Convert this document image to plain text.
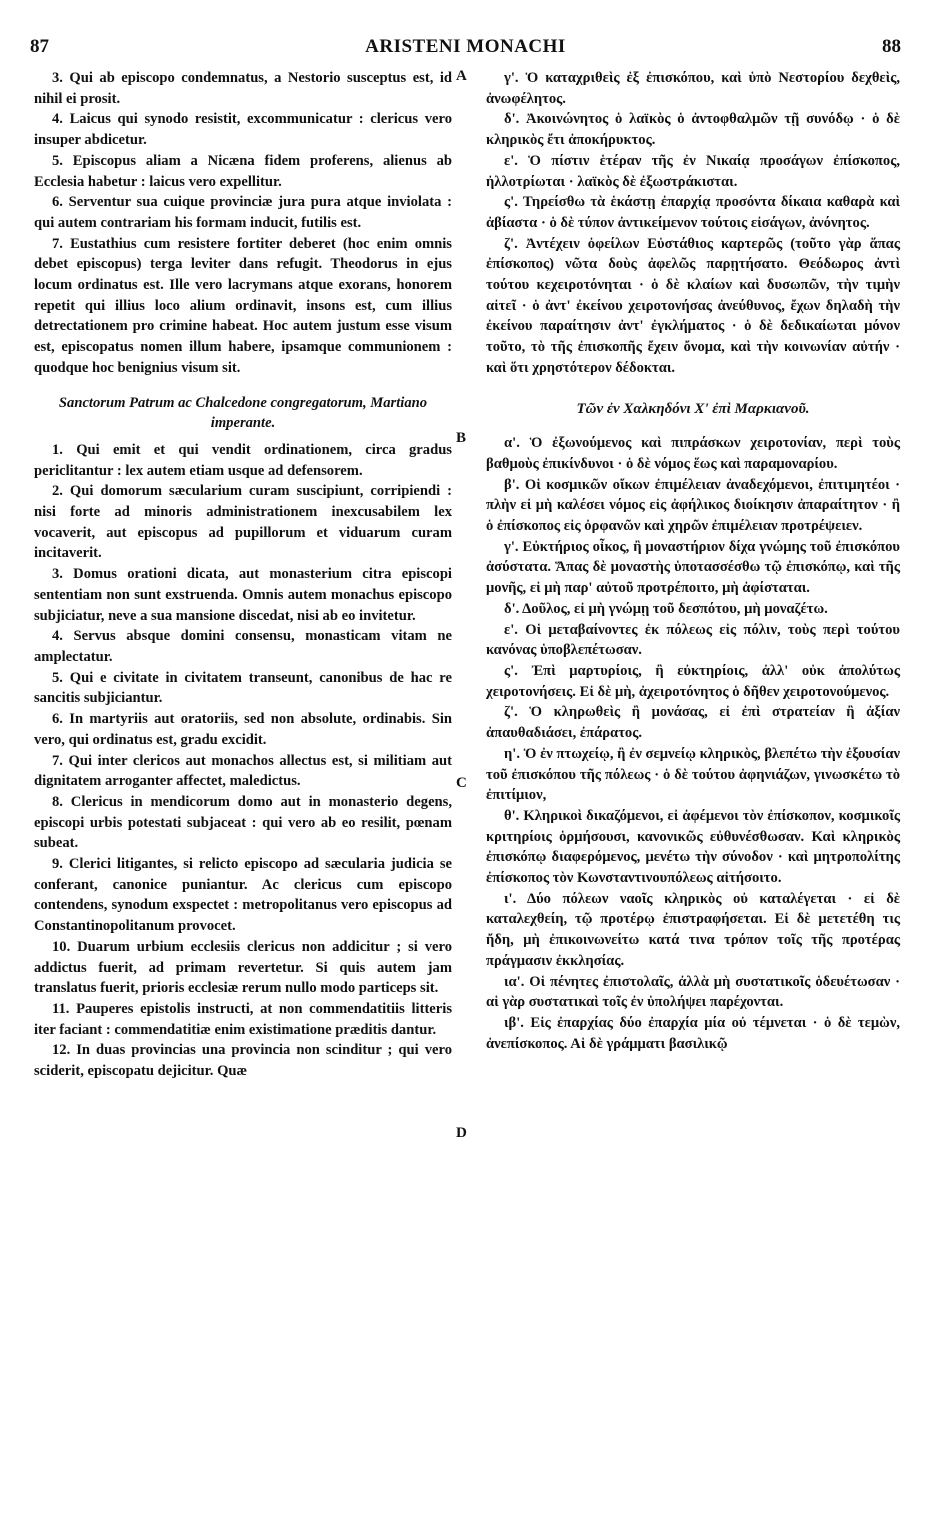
87	ARISTENI MONACHI	88
A
B
C
D

3. Qui ab episcopo condemnatus, a Nestorio susceptus est, id nihil ei prosit.

4. Laicus qui synodo resistit, excommunicatur : clericus vero insuper abdicetur.

5. Episcopus aliam a Nicæna fidem proferens, alienus ab Ecclesia habetur : laicus vero expellitur.

6. Serventur sua cuique provinciæ jura pura atque inviolata : qui autem contrariam his formam inducit, futilis est.

7. Eustathius cum resistere fortiter deberet (hoc enim omnis debet episcopus) terga leviter dans refugit. Theodorus in ejus locum ordinatus est. Ille vero lacrymans atque exorans, honorem repetit qui illius loco alium ordinavit, insons est, cum illius detrectationem pro crimine habeat. Hoc autem justum esse visum est, episcopatus nomen illum habere, ipsamque communionem : quodque hoc benignius visum sit.

Sanctorum Patrum ac Chalcedone congregatorum, Martiano imperante.

1. Qui emit et qui vendit ordinationem, circa gradus periclitantur : lex autem etiam usque ad defensorem.

2. Qui domorum sæcularium curam suscipiunt, corripiendi : nisi forte ad minoris administrationem inexcusabilem lex vocaverit, aut episcopus ad pupillorum et viduarum curam incitaverit.

3. Domus orationi dicata, aut monasterium citra episcopi sententiam non sunt exstruenda. Omnis autem monachus episcopo subjiciatur, neve a sua mansione discedat, nisi ab eo invitetur.

4. Servus absque domini consensu, monasticam vitam ne amplectatur.

5. Qui e civitate in civitatem transeunt, canonibus de hac re sancitis subjiciantur.

6. In martyriis aut oratoriis, sed non absolute, ordinabis. Sin vero, qui ordinatus est, gradu excidit.

7. Qui inter clericos aut monachos allectus est, si militiam aut dignitatem arroganter affectet, maledictus.

8. Clericus in mendicorum domo aut in monasterio degens, episcopi urbis potestati subjaceat : qui vero ab eo resilit, pœnam subeat.

9. Clerici litigantes, si relicto episcopo ad sæcularia judicia se conferant, canonice puniantur. Ac clericus cum episcopo contendens, synodum exspectet : metropolitanus vero episcopus ad Constantinopolitanum provocet.

10. Duarum urbium ecclesiis clericus non addicitur ; si vero addictus fuerit, ad primam revertetur. Si quis autem jam translatus fuerit, prioris ecclesiæ rerum nullo modo particeps sit.

11. Pauperes epistolis instructi, at non commendatitiis litteris iter faciant : commendatitiæ enim existimatione præditis dantur.

12. In duas provincias una provincia non scinditur ; qui vero sciderit, episcopatu dejicitur. Quæ

γ'. Ὁ καταχριθεὶς ἐξ ἐπισκόπου, καὶ ὑπὸ Νεστορίου δεχθεὶς, ἀνωφέλητος.

δ'. Ἀκοινώνητος ὁ λαϊκὸς ὁ ἀντοφθαλμῶν τῇ συνόδῳ · ὁ δὲ κληρικὸς ἔτι ἀποκήρυκτος.

ε'. Ὁ πίστιν ἑτέραν τῆς ἐν Νικαίᾳ προσάγων ἐπίσκοπος, ἠλλοτρίωται · λαϊκὸς δὲ ἐξωστράκισται.

ς'. Τηρείσθω τὰ ἑκάστῃ ἐπαρχίᾳ προσόντα δίκαια καθαρὰ καὶ ἀβίαστα · ὁ δὲ τύπον ἀντικείμενον τούτοις εἰσάγων, ἀνόνητος.

ζ'. Ἀντέχειν ὀφείλων Εὐστάθιος καρτερῶς (τοῦτο γὰρ ἅπας ἐπίσκοπος) νῶτα δοὺς ἀφελῶς παρῃτήσατο. Θεόδωρος ἀντὶ τούτου κεχειροτόνηται · ὁ δὲ κλαίων καὶ δυσωπῶν, τὴν τιμὴν αἰτεῖ · ὁ ἀντ' ἐκείνου χειροτονήσας ἀνεύθυνος, ἔχων δηλαδὴ τὴν ἐκείνου παραίτησιν ἀντ' ἐγκλήματος · ὁ δὲ δεδικαίωται μόνον τοῦτο, τὸ τῆς ἐπισκοπῆς ἔχειν ὄνομα, καὶ τὴν κοινωνίαν αὐτήν · καὶ ὅτι χρηστότερον δέδοκται.

Τῶν ἐν Χαλκηδόνι Χ' ἐπὶ Μαρκιανοῦ.

α'. Ὁ ἐξωνούμενος καὶ πιπράσκων χειροτονίαν, περὶ τοὺς βαθμοὺς ἐπικίνδυνοι · ὁ δὲ νόμος ἕως καὶ παραμοναρίου.

β'. Οἱ κοσμικῶν οἴκων ἐπιμέλειαν ἀναδεχόμενοι, ἐπιτιμητέοι · πλὴν εἰ μὴ καλέσει νόμος εἰς ἀφήλικος διοίκησιν ἀπαραίτητον · ἢ ὁ ἐπίσκοπος εἰς ὀρφανῶν καὶ χηρῶν ἐπιμέλειαν προτρέψειεν.

γ'. Εὐκτήριος οἶκος, ἢ μοναστήριον δίχα γνώμης τοῦ ἐπισκόπου ἀσύστατα. Ἅπας δὲ μοναστὴς ὑποτασσέσθω τῷ ἐπισκόπῳ, καὶ τῆς μονῆς, εἰ μὴ παρ' αὐτοῦ προτρέποιτο, μὴ ἀφίσταται.

δ'. Δοῦλος, εἰ μὴ γνώμῃ τοῦ δεσπότου, μὴ μοναζέτω.

ε'. Οἱ μεταβαίνοντες ἐκ πόλεως εἰς πόλιν, τοὺς περὶ τούτου κανόνας ὑποβλεπέτωσαν.

ς'. Ἐπὶ μαρτυρίοις, ἢ εὐκτηρίοις, ἀλλ' οὐκ ἀπολύτως χειροτονήσεις. Εἰ δὲ μὴ, ἀχειροτόνητος ὁ δῆθεν χειροτονούμενος.

ζ'. Ὁ κληρωθεὶς ἢ μονάσας, εἰ ἐπὶ στρατείαν ἢ ἀξίαν ἀπαυθαδιάσει, ἐπάρατος.

η'. Ὁ ἐν πτωχείῳ, ἢ ἐν σεμνείῳ κληρικὸς, βλεπέτω τὴν ἐξουσίαν τοῦ ἐπισκόπου τῆς πόλεως · ὁ δὲ τούτου ἀφηνιάζων, γινωσκέτω τὸ ἐπιτίμιον,

θ'. Κληρικοὶ δικαζόμενοι, εἰ ἀφέμενοι τὸν ἐπίσκοπον, κοσμικοῖς κριτηρίοις ὁρμήσουσι, κανονικῶς εὐθυνέσθωσαν. Καὶ κληρικὸς ἐπισκόπῳ διαφερόμενος, μενέτω τὴν σύνοδον · καὶ μητροπολίτης ἐπίσκοπος τὸν Κωνσταντινουπόλεως αἰτήσοιτο.

ι'. Δύο πόλεων ναοῖς κληρικὸς οὐ καταλέγεται · εἰ δὲ καταλεχθείη, τῷ προτέρῳ ἐπιστραφήσεται. Εἰ δὲ μετετέθη τις ἤδη, μὴ ἐπικοινωνείτω κατά τινα τρόπον τοῖς τῆς προτέρας πράγμασιν ἐκκλησίας.

ια'. Οἱ πένητες ἐπιστολαῖς, ἀλλὰ μὴ συστατικοῖς ὁδευέτωσαν · αἱ γὰρ συστατικαὶ τοῖς ἐν ὑπολήψει παρέχονται.

ιβ'. Εἰς ἐπαρχίας δύο ἐπαρχία μία οὐ τέμνεται · ὁ δὲ τεμὼν, ἀνεπίσκοπος. Αἱ δὲ γράμματι βασιλικῷ
